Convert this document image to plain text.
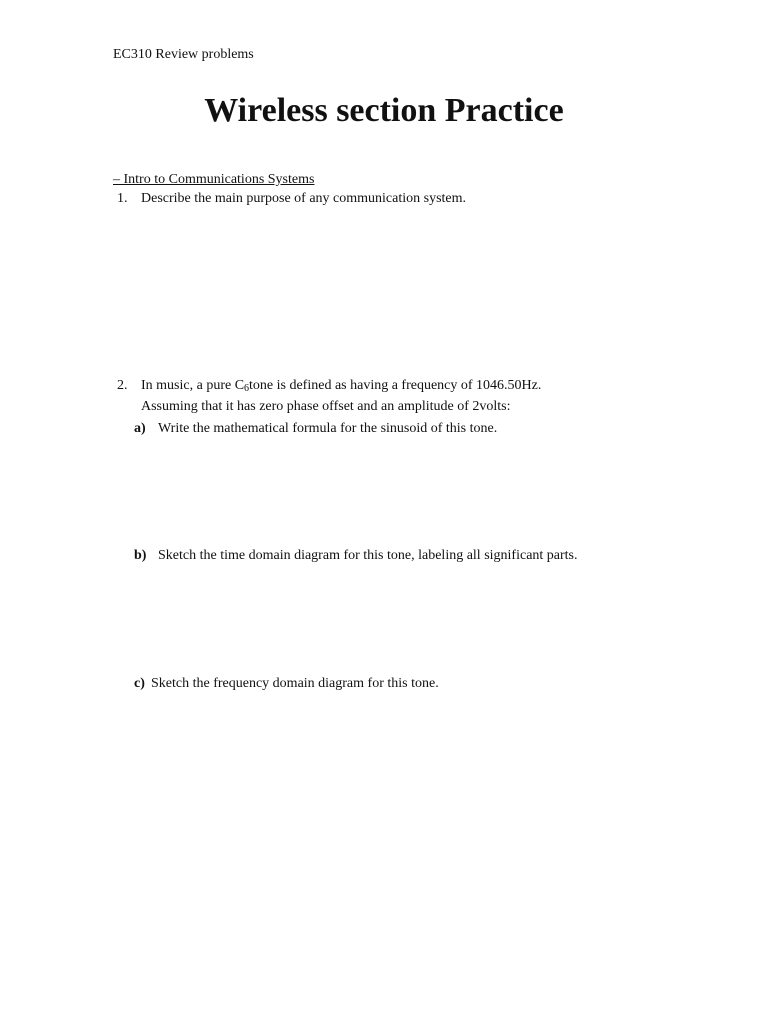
EC310 Review problems
Wireless section Practice
– Intro to Communications Systems
1. Describe the main purpose of any communication system.
2. In music, a pure $C_6tone$ is defined as having a frequency of 1046.50Hz.
Assuming that it has zero phase offset and an amplitude of 2volts:
a) Write the mathematical formula for the sinusoid of this tone.
b) Sketch the time domain diagram for this tone, labeling all significant parts.
c) Sketch the frequency domain diagram for this tone.
